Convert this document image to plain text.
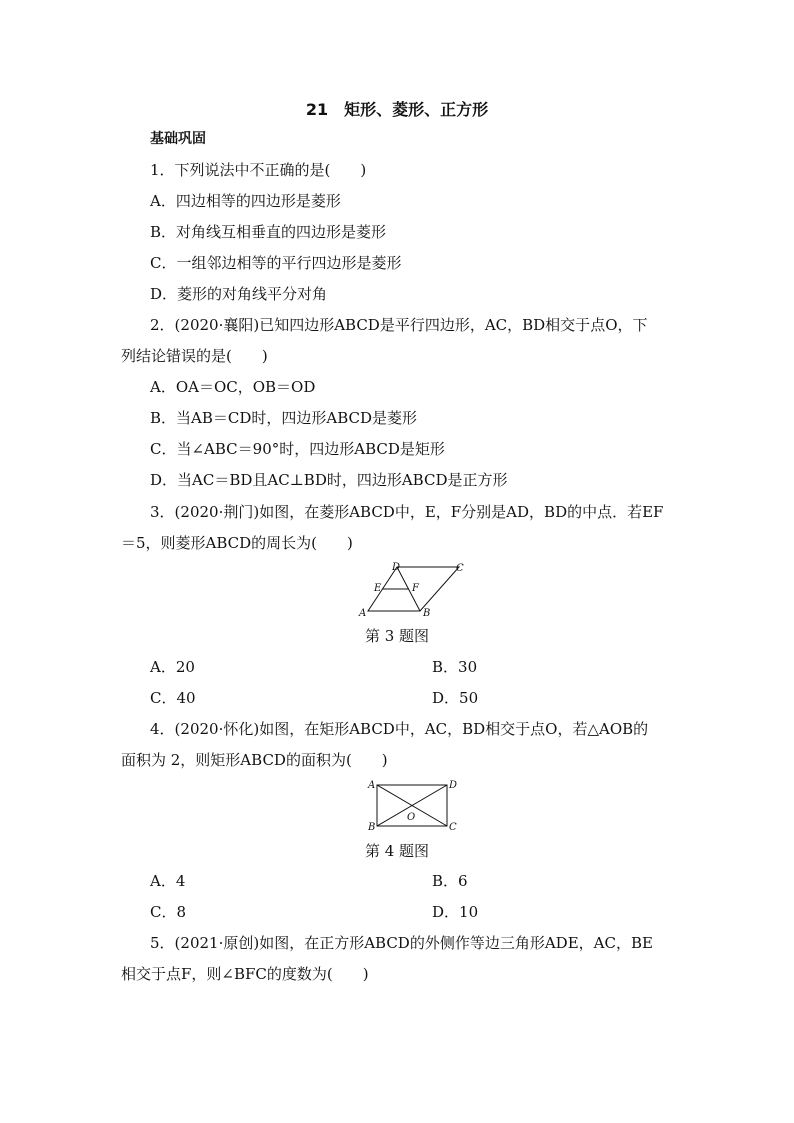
21　矩形、菱形、正方形
基础巩固
1．下列说法中不正确的是(　　)
A．四边相等的四边形是菱形
B．对角线互相垂直的四边形是菱形
C．一组邻边相等的平行四边形是菱形
D．菱形的对角线平分对角
2．(2020·襄阳)已知四边形ABCD是平行四边形，AC，BD相交于点O，下
列结论错误的是(　　)
A．OA＝OC，OB＝OD
B．当AB＝CD时，四边形ABCD是菱形
C．当∠ABC＝90°时，四边形ABCD是矩形
D．当AC＝BD且AC⊥BD时，四边形ABCD是正方形
3．(2020·荆门)如图，在菱形ABCD中，E，F分别是AD，BD的中点．若EF
＝5，则菱形ABCD的周长为(　　)
A	B
C
D
E	F
第 3 题图
A．20	B．30
C．40	D．50
4．(2020·怀化)如图，在矩形ABCD中，AC，BD相交于点O，若△AOB的
面积为 2，则矩形ABCD的面积为(　　)
A
B	C
D
O
第 4 题图
A．4	B．6
C．8	D．10
5．(2021·原创)如图，在正方形ABCD的外侧作等边三角形ADE，AC，BE
相交于点F，则∠BFC的度数为(　　)
